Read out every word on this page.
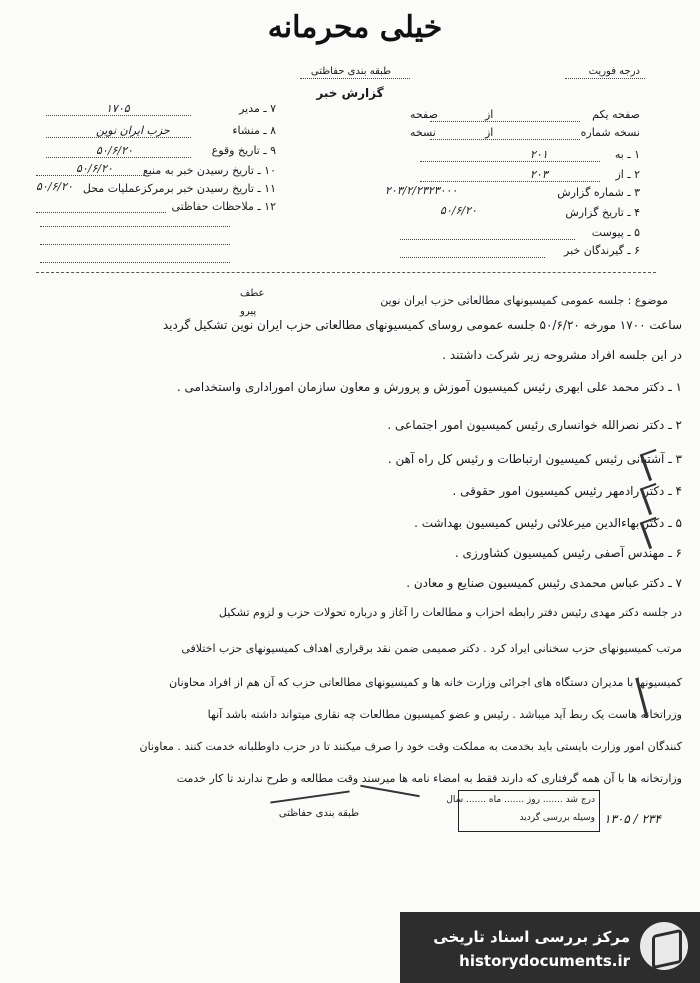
خیلی محرمانه
طبقه بندی حفاظتی
گزارش خبر
درجه فوریت
۷ ـ مدیر
۱۷۰۵
۸ ـ منشاء
حزب ایران نوین
۹ ـ تاریخ وقوع
۵۰/۶/۲۰
۱۰ ـ تاریخ رسیدن خبر به منبع
۵۰/۶/۲۰
۱۱ ـ تاریخ رسیدن خبر برمرکزعملیات محل
۵۰/۶/۲۰
۱۲ ـ ملاحظات حفاظتی
صفحه یکم
از
صفحه
نسخه شماره
از
نسخه
۱ ـ به
۲۰۱
۲ ـ از
۲۰۳
۳ ـ شماره گزارش
۲۰۳/۲/۲۳۲۳۰۰۰
۴ ـ تاریخ گزارش
۵۰/۶/۲۰
۵ ـ پیوست
۶ ـ گیرندگان خبر
عطف
پیرو
موضوع : جلسه عمومی کمیسیونهای مطالعاتی حزب ایران نوین
ساعت ۱۷۰۰ مورخه ۵۰/۶/۲۰ جلسه عمومی روسای کمیسیونهای مطالعاتی حزب ایران نوین تشکیل گردید
در این جلسه افراد مشروحه زیر شرکت داشتند .
۱ ـ دکتر محمد علی ابهری رئیس کمیسیون آموزش و پرورش و معاون سازمان اموراداری واستخدامی .
۲ ـ دکتر نصرالله خوانساری رئیس کمیسیون امور اجتماعی .
۳ ـ آشتیانی رئیس کمیسیون ارتباطات و رئیس کل راه آهن .
۴ ـ دکتر رادمهر رئیس کمیسیون امور حقوقی .
۵ ـ دکتر بهاءالدین میرعلائی رئیس کمیسیون بهداشت .
۶ ـ مهندس آصفی رئیس کمیسیون کشاورزی .
۷ ـ دکتر عباس محمدی رئیس کمیسیون صنایع و معادن .
در جلسه دکتر مهدی رئیس دفتر رابطه احزاب و مطالعات را آغاز و درباره تحولات حزب و لزوم تشکیل
مرتب کمیسیونهای حزب سخنانی ایراد کرد . دکتر صمیمی ضمن نقد برقراری اهداف کمیسیونهای حزب اختلافی
کمیسیونها با مدیران دستگاه های اجرائی وزارت خانه ها و کمیسیونهای مطالعاتی حزب که آن هم از افراد محاونان
وزراتخانه هاست یک ربط آید میباشد . رئیس و عضو کمیسیون مطالعات چه نقاری میتواند داشته باشد آنها
کنندگان امور وزارت بایستی باید بخدمت به مملکت وقت خود را صرف میکنند تا در حزب داوطلبانه خدمت کنند . معاونان
وزارتخانه ها با آن همه گرفتاری که دارند فقط به امضاء نامه ها میرسند وقت مطالعه و طرح ندارند تا کار خدمت
طبقه بندی حفاظتی
درج شد ....... روز ....... ماه ....... سال
وسیله بررسی گردید ۱۳۰۵ / ۲۳۴
مرکز بررسی اسناد تاریخی
historydocuments.ir
